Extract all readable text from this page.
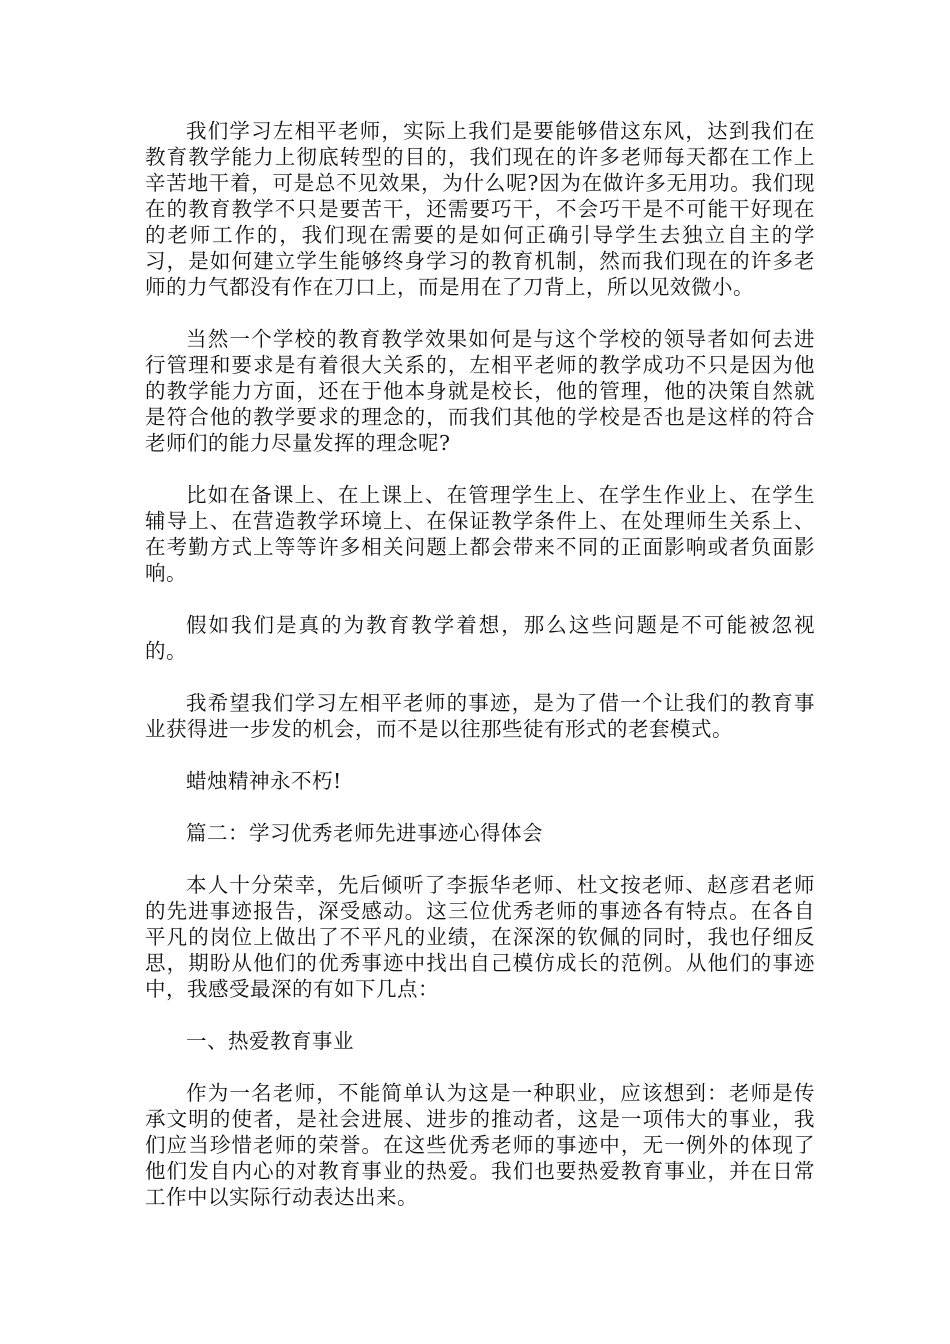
我们学习左相平老师，实际上我们是要能够借这东风，达到我们在教育教学能力上彻底转型的目的，我们现在的许多老师每天都在工作上辛苦地干着，可是总不见效果，为什么呢?因为在做许多无用功。我们现在的教育教学不只是要苦干，还需要巧干，不会巧干是不可能干好现在的老师工作的，我们现在需要的是如何正确引导学生去独立自主的学习，是如何建立学生能够终身学习的教育机制，然而我们现在的许多老师的力气都没有作在刀口上，而是用在了刀背上，所以见效微小。

当然一个学校的教育教学效果如何是与这个学校的领导者如何去进行管理和要求是有着很大关系的，左相平老师的教学成功不只是因为他的教学能力方面，还在于他本身就是校长，他的管理，他的决策自然就是符合他的教学要求的理念的，而我们其他的学校是否也是这样的符合老师们的能力尽量发挥的理念呢?

比如在备课上、在上课上、在管理学生上、在学生作业上、在学生辅导上、在营造教学环境上、在保证教学条件上、在处理师生关系上、在考勤方式上等等许多相关问题上都会带来不同的正面影响或者负面影响。

假如我们是真的为教育教学着想，那么这些问题是不可能被忽视的。

我希望我们学习左相平老师的事迹，是为了借一个让我们的教育事业获得进一步发的机会，而不是以往那些徒有形式的老套模式。

蜡烛精神永不朽!

篇二：学习优秀老师先进事迹心得体会

本人十分荣幸，先后倾听了李振华老师、杜文按老师、赵彦君老师的先进事迹报告，深受感动。这三位优秀老师的事迹各有特点。在各自平凡的岗位上做出了不平凡的业绩，在深深的钦佩的同时，我也仔细反思，期盼从他们的优秀事迹中找出自己模仿成长的范例。从他们的事迹中，我感受最深的有如下几点：

一、热爱教育事业

作为一名老师，不能简单认为这是一种职业，应该想到：老师是传承文明的使者，是社会进展、进步的推动者，这是一项伟大的事业，我们应当珍惜老师的荣誉。在这些优秀老师的事迹中，无一例外的体现了他们发自内心的对教育事业的热爱。我们也要热爱教育事业，并在日常工作中以实际行动表达出来。
